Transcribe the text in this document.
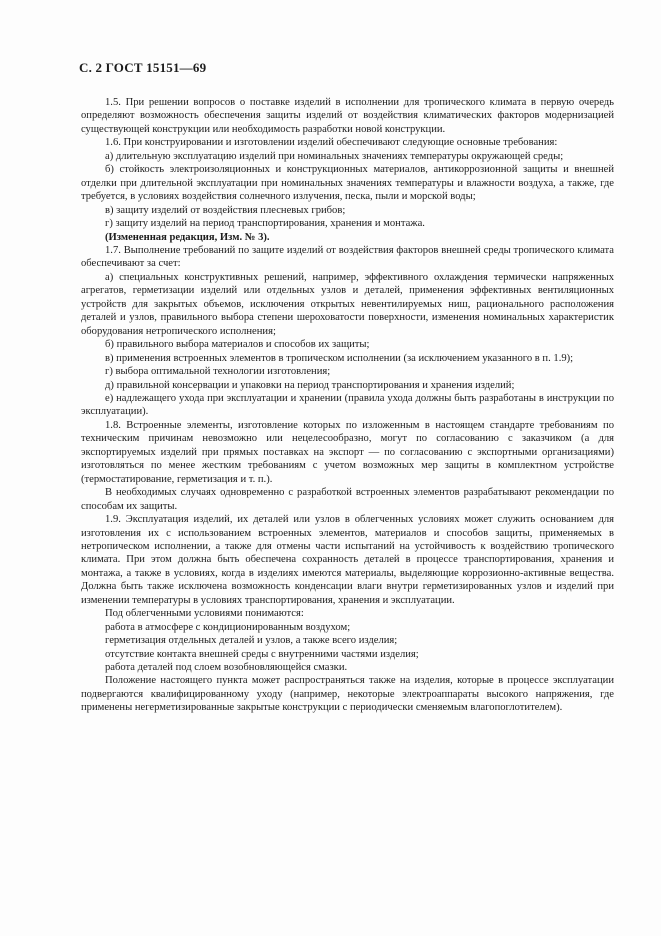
С. 2 ГОСТ 15151—69

1.5. При решении вопросов о поставке изделий в исполнении для тропического климата в первую очередь определяют возможность обеспечения защиты изделий от воздействия климатических факторов модернизацией существующей конструкции или необходимость разработки новой конструкции.

1.6. При конструировании и изготовлении изделий обеспечивают следующие основные требования:

а) длительную эксплуатацию изделий при номинальных значениях температуры окружающей среды;

б) стойкость электроизоляционных и конструкционных материалов, антикоррозионной защиты и внешней отделки при длительной эксплуатации при номинальных значениях температуры и влажности воздуха, а также, где требуется, в условиях воздействия солнечного излучения, песка, пыли и морской воды;

в) защиту изделий от воздействия плесневых грибов;

г) защиту изделий на период транспортирования, хранения и монтажа.

(Измененная редакция, Изм. № 3).

1.7. Выполнение требований по защите изделий от воздействия факторов внешней среды тропического климата обеспечивают за счет:

а) специальных конструктивных решений, например, эффективного охлаждения термически напряженных агрегатов, герметизации изделий или отдельных узлов и деталей, применения эффективных вентиляционных устройств для закрытых объемов, исключения открытых невентилируемых ниш, рационального расположения деталей и узлов, правильного выбора степени шероховатости поверхности, изменения номинальных характеристик оборудования нетропического исполнения;

б) правильного выбора материалов и способов их защиты;

в) применения встроенных элементов в тропическом исполнении (за исключением указанного в п. 1.9);

г) выбора оптимальной технологии изготовления;

д) правильной консервации и упаковки на период транспортирования и хранения изделий;

е) надлежащего ухода при эксплуатации и хранении (правила ухода должны быть разработаны в инструкции по эксплуатации).

1.8. Встроенные элементы, изготовление которых по изложенным в настоящем стандарте требованиям по техническим причинам невозможно или нецелесообразно, могут по согласованию с заказчиком (а для экспортируемых изделий при прямых поставках на экспорт — по согласованию с экспортными организациями) изготовляться по менее жестким требованиям с учетом возможных мер защиты в комплектном устройстве (термостатирование, герметизация и т. п.).

В необходимых случаях одновременно с разработкой встроенных элементов разрабатывают рекомендации по способам их защиты.

1.9. Эксплуатация изделий, их деталей или узлов в облегченных условиях может служить основанием для изготовления их с использованием встроенных элементов, материалов и способов защиты, применяемых в нетропическом исполнении, а также для отмены части испытаний на устойчивость к воздействию тропического климата. При этом должна быть обеспечена сохранность деталей в процессе транспортирования, хранения и монтажа, а также в условиях, когда в изделиях имеются материалы, выделяющие коррозионно-активные вещества. Должна быть также исключена возможность конденсации влаги внутри герметизированных узлов и изделий при изменении температуры в условиях транспортирования, хранения и эксплуатации.

Под облегченными условиями понимаются:

работа в атмосфере с кондиционированным воздухом;

герметизация отдельных деталей и узлов, а также всего изделия;

отсутствие контакта внешней среды с внутренними частями изделия;

работа деталей под слоем возобновляющейся смазки.

Положение настоящего пункта может распространяться также на изделия, которые в процессе эксплуатации подвергаются квалифицированному уходу (например, некоторые электроаппараты высокого напряжения, где применены негерметизированные закрытые конструкции с периодически сменяемым влагопоглотителем).
